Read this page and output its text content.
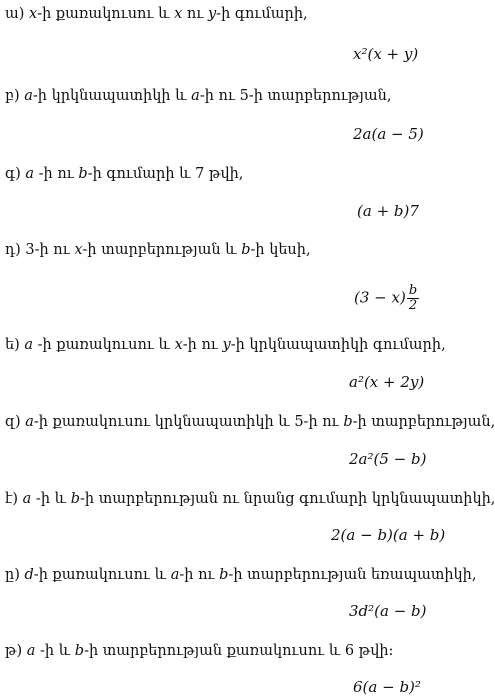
ա) x-ի քառակուսու և x ու y-ի գումարի,
x²(x + y)
բ) a-ի կրկնապատիկի և a-ի ու 5-ի տարբերության,
2a(a − 5)
գ) a -ի ու b-ի գումարի և 7 թվի,
(a + b)7
դ) 3-ի ու x-ի տարբերության և b-ի կեսի,
$(3 - x) \frac{b}{2}$
ե) a -ի քառակուսու և x-ի ու y-ի կրկնապատիկի գումարի,
a²(x + 2y)
զ) a-ի քառակուսու կրկնապատիկի և 5-ի ու b-ի տարբերության,
2a²(5 − b)
է) a -ի և b-ի տարբերության ու նրանց գումարի կրկնապատիկի,
2(a − b)(a + b)
ը) d-ի քառակուսու և a-ի ու b-ի տարբերության եռապատիկի,
3d²(a − b)
թ) a -ի և b-ի տարբերության քառակուսու և 6 թվի:
6(a − b)²
